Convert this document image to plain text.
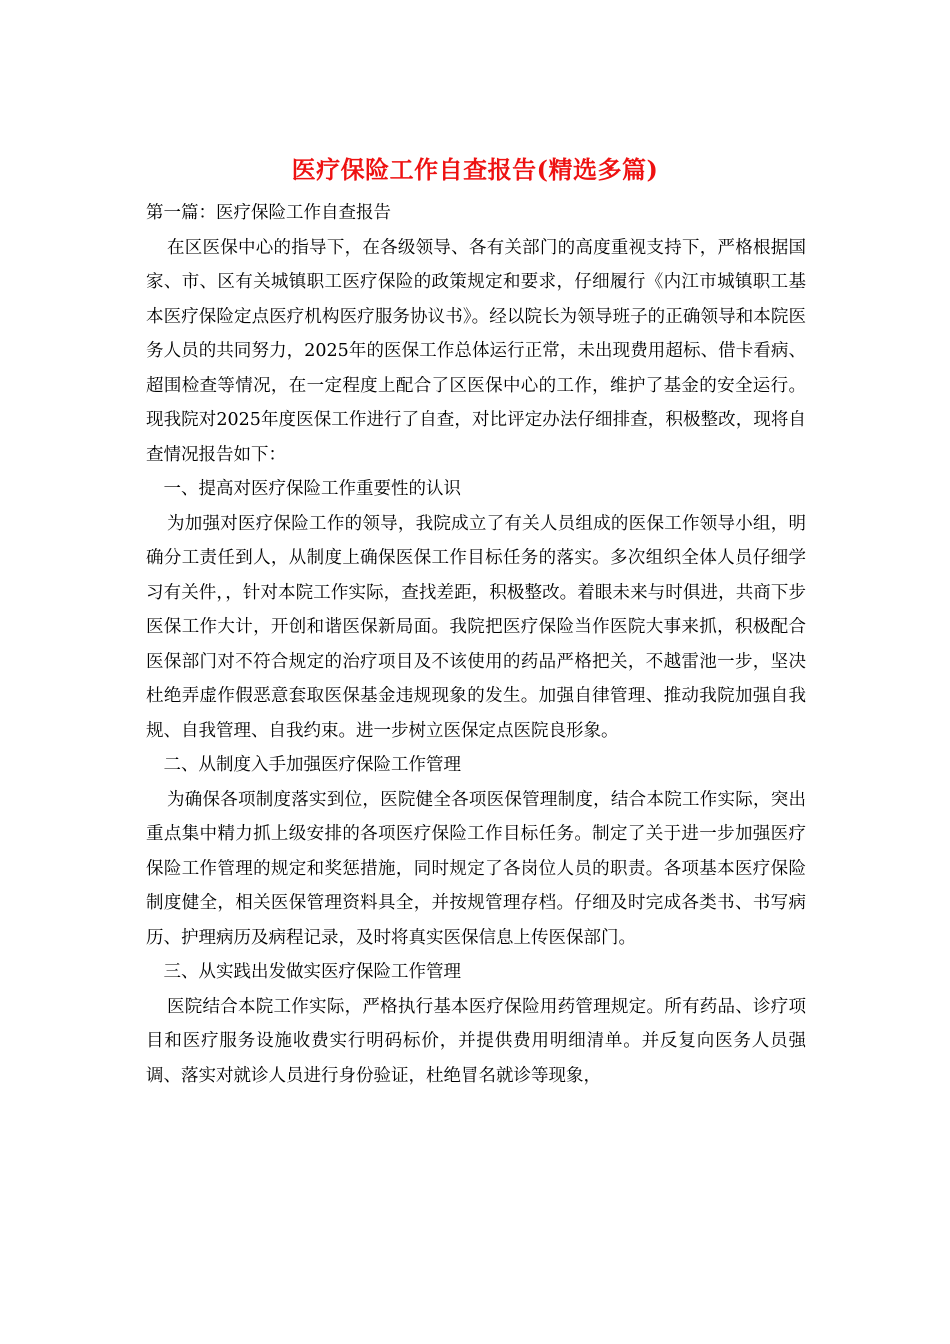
医疗保险工作自查报告(精选多篇)

第一篇：医疗保险工作自查报告

在区医保中心的指导下，在各级领导、各有关部门的高度重视支持下，严格根据国家、市、区有关城镇职工医疗保险的政策规定和要求，仔细履行《内江市城镇职工基本医疗保险定点医疗机构医疗服务协议书》。经以院长为领导班子的正确领导和本院医务人员的共同努力，2025年的医保工作总体运行正常，未出现费用超标、借卡看病、超围检查等情况，在一定程度上配合了区医保中心的工作，维护了基金的安全运行。现我院对2025年度医保工作进行了自查，对比评定办法仔细排查，积极整改，现将自查情况报告如下：

一、提高对医疗保险工作重要性的认识

为加强对医疗保险工作的领导，我院成立了有关人员组成的医保工作领导小组，明确分工责任到人，从制度上确保医保工作目标任务的落实。多次组织全体人员仔细学习有关件，，针对本院工作实际，查找差距，积极整改。着眼未来与时俱进，共商下步医保工作大计，开创和谐医保新局面。我院把医疗保险当作医院大事来抓，积极配合医保部门对不符合规定的治疗项目及不该使用的药品严格把关，不越雷池一步，坚决杜绝弄虚作假恶意套取医保基金违规现象的发生。加强自律管理、推动我院加强自我规、自我管理、自我约束。进一步树立医保定点医院良形象。

二、从制度入手加强医疗保险工作管理

为确保各项制度落实到位，医院健全各项医保管理制度，结合本院工作实际，突出重点集中精力抓上级安排的各项医疗保险工作目标任务。制定了关于进一步加强医疗保险工作管理的规定和奖惩措施，同时规定了各岗位人员的职责。各项基本医疗保险制度健全，相关医保管理资料具全，并按规管理存档。仔细及时完成各类书、书写病历、护理病历及病程记录，及时将真实医保信息上传医保部门。

三、从实践出发做实医疗保险工作管理

医院结合本院工作实际，严格执行基本医疗保险用药管理规定。所有药品、诊疗项目和医疗服务设施收费实行明码标价，并提供费用明细清单。并反复向医务人员强调、落实对就诊人员进行身份验证，杜绝冒名就诊等现象，
